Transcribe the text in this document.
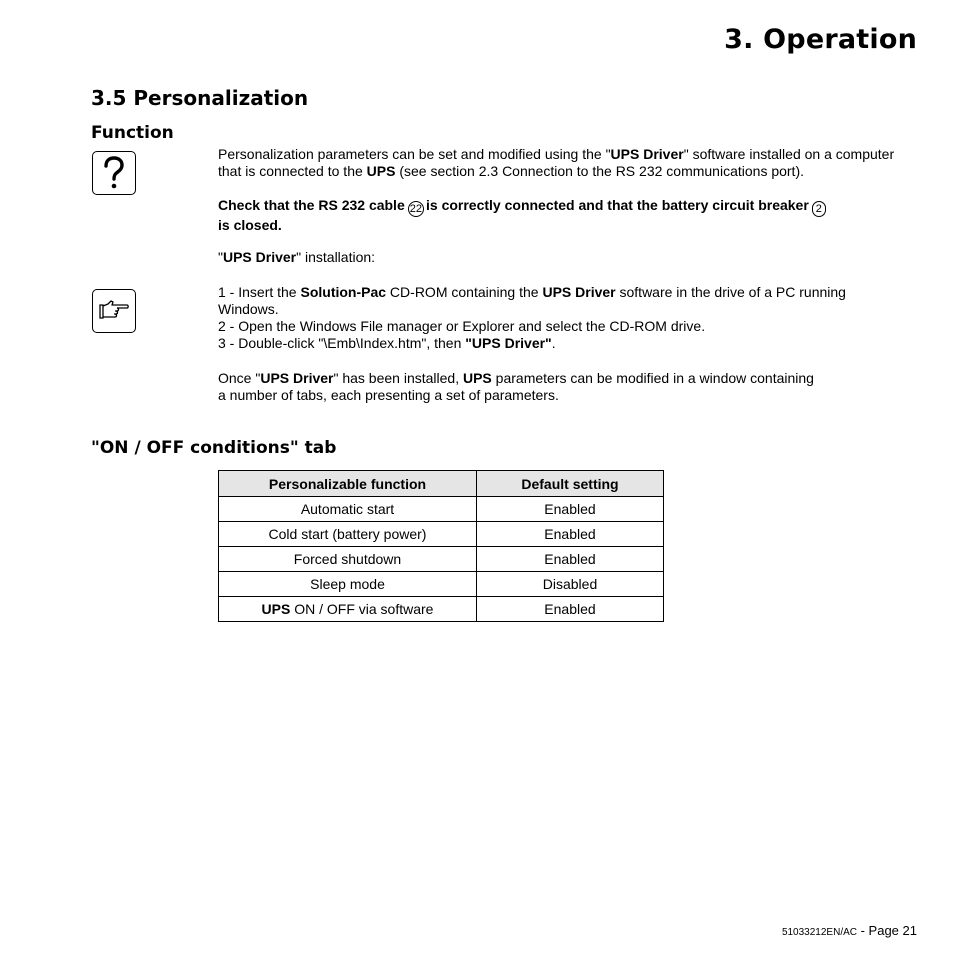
3. Operation
3.5 Personalization
Function

Personalization parameters can be set and modified using the "UPS Driver" software installed on a computer that is connected to the UPS (see section 2.3 Connection to the RS 232 communications port).

Check that the RS 232 cable 22 is correctly connected and that the battery circuit breaker 2
is closed.

"UPS Driver" installation:

1 - Insert the Solution-Pac CD-ROM containing the UPS Driver software in the drive of a PC running Windows.

2 - Open the Windows File manager or Explorer and select the CD-ROM drive.

3 - Double-click "\Emb\Index.htm", then "UPS Driver".

Once "UPS Driver" has been installed, UPS parameters can be modified in a window containing
a number of tabs, each presenting a set of parameters.

"ON / OFF conditions" tab
Personalizable function	Default setting
Automatic start	Enabled
Cold start (battery power)	Enabled
Forced shutdown	Enabled
Sleep mode	Disabled
UPS ON / OFF via software	Enabled

51033212EN/AC - Page 21
